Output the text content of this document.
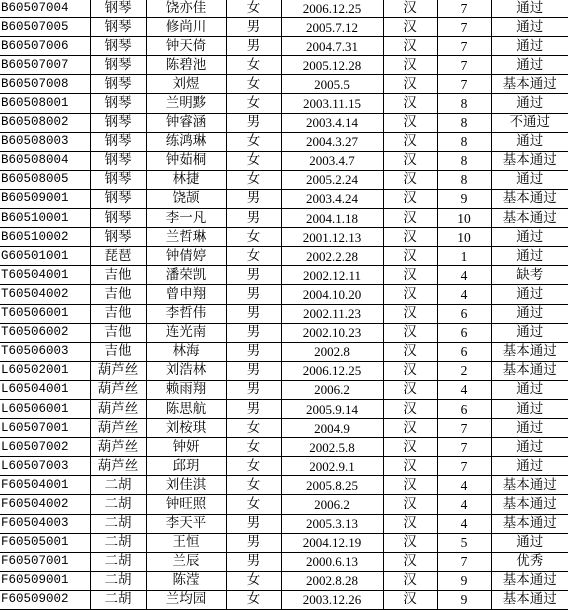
B60507004	钢琴	饶亦佳	女	2006.12.25	汉	7	通过
B60507005	钢琴	修尚川	男	2005.7.12	汉	7	通过
B60507006	钢琴	钟天倚	男	2004.7.31	汉	7	通过
B60507007	钢琴	陈碧池	女	2005.12.28	汉	7	通过
B60507008	钢琴	刘煜	女	2005.5	汉	7	基本通过
B60508001	钢琴	兰明黟	女	2003.11.15	汉	8	通过
B60508002	钢琴	钟睿涵	男	2003.4.14	汉	8	不通过
B60508003	钢琴	练鸿琳	女	2004.3.27	汉	8	通过
B60508004	钢琴	钟茹桐	女	2003.4.7	汉	8	基本通过
B60508005	钢琴	林捷	女	2005.2.24	汉	8	通过
B60509001	钢琴	饶颉	男	2003.4.24	汉	9	基本通过
B60510001	钢琴	李一凡	男	2004.1.18	汉	10	基本通过
B60510002	钢琴	兰哲琳	女	2001.12.13	汉	10	通过
G60501001	琵琶	钟倩婷	女	2002.2.28	汉	1	通过
T60504001	吉他	潘荣凯	男	2002.12.11	汉	4	缺考
T60504002	吉他	曾申翔	男	2004.10.20	汉	4	通过
T60506001	吉他	李哲伟	男	2002.11.23	汉	6	通过
T60506002	吉他	连光南	男	2002.10.23	汉	6	通过
T60506003	吉他	林海	男	2002.8	汉	6	基本通过
L60502001	葫芦丝	刘浩林	男	2006.12.25	汉	2	基本通过
L60504001	葫芦丝	赖雨翔	男	2006.2	汉	4	通过
L60506001	葫芦丝	陈思航	男	2005.9.14	汉	6	通过
L60507001	葫芦丝	刘桉琪	女	2004.9	汉	7	通过
L60507002	葫芦丝	钟妍	女	2002.5.8	汉	7	通过
L60507003	葫芦丝	邱玥	女	2002.9.1	汉	7	通过
F60504001	二胡	刘佳淇	女	2005.8.25	汉	4	基本通过
F60504002	二胡	钟旺照	女	2006.2	汉	4	基本通过
F60504003	二胡	李天平	男	2005.3.13	汉	4	基本通过
F60505001	二胡	王恒	男	2004.12.19	汉	5	通过
F60507001	二胡	兰辰	男	2000.6.13	汉	7	优秀
F60509001	二胡	陈滢	女	2002.8.28	汉	9	基本通过
F60509002	二胡	兰均园	女	2003.12.26	汉	9	基本通过
